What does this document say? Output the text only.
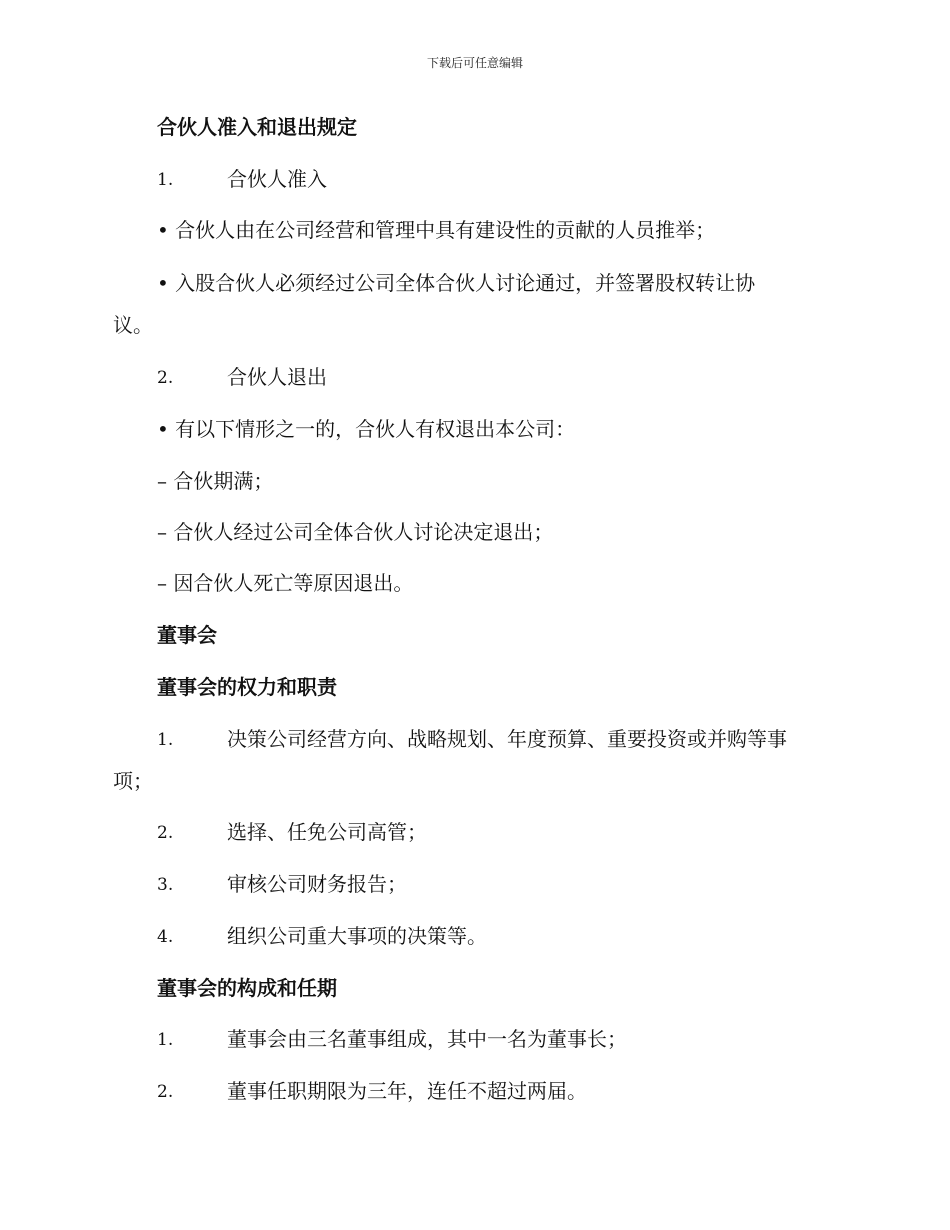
下载后可任意编辑
合伙人准入和退出规定
1.	合伙人准入
• 合伙人由在公司经营和管理中具有建设性的贡献的人员推举；
• 入股合伙人必须经过公司全体合伙人讨论通过，并签署股权转让协
议。
2.	合伙人退出
• 有以下情形之一的，合伙人有权退出本公司：
– 合伙期满；
– 合伙人经过公司全体合伙人讨论决定退出；
– 因合伙人死亡等原因退出。
董事会
董事会的权力和职责
1.	决策公司经营方向、战略规划、年度预算、重要投资或并购等事
项；
2.	选择、任免公司高管；
3.	审核公司财务报告；
4.	组织公司重大事项的决策等。
董事会的构成和任期
1.	董事会由三名董事组成，其中一名为董事长；
2.	董事任职期限为三年，连任不超过两届。
